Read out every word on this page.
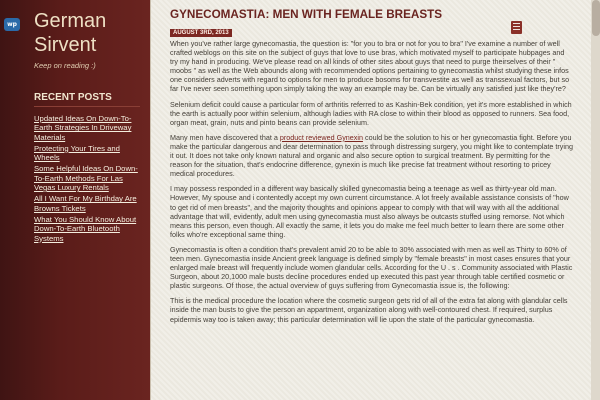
wp German Sirvent
Keep on reading :)
RECENT POSTS
Updated Ideas On Down-To-Earth Strategies In Driveway Materials
Protecting Your Tires and Wheels
Some Helpful Ideas On Down-To-Earth Methods For Las Vegas Luxury Rentals
All I Want For My Birthday Are Browns Tickets
What You Should Know About Down-To-Earth Bluetooth Systems
GYNECOMASTIA: MEN WITH FEMALE BREASTS
AUGUST 3RD, 2013

When you've rather large gynecomastia, the question is: "for you to bra or not for you to bra" I've examine a number of well crafted weblogs on this site on the subject of guys that love to use bras, which motivated myself to participate hubpages and try my hand in producing. We've please read on all kinds of other sites about guys that need to purge theirselves of their " moobs " as well as the Web abounds along with recommended options pertaining to gynecomastia whilst studying these infos one considers adverts with regard to options for men to produce bosoms for transvestite as well as transsexual factors, but so far I've never seen something upon simply taking the way an example may be. Can be virtually any satisfied just like they're?

Selenium deficit could cause a particular form of arthritis referred to as Kashin-Bek condition, yet it's more established in which the earth is actually poor within selenium, although ladies with RA close to within their blood as opposed to runners. Sea food, organ meat, grain, nuts and pinto beans can provide selenium.

Many men have discovered that a product reviewed Gynexin could be the solution to his or her gynecomastia fight. Before you make the particular dangerous and dear determination to pass through distressing surgery, you might like to contemplate trying it out. It does not take only known natural and organic and also secure option to surgical treatment. By permitting for the reason for the situation, that's endocrine difference, gynexin is much like precise fat treatment without resorting to pricey medical procedures.

I may possess responded in a different way basically skilled gynecomastia being a teenage as well as thirty-year old man. However, My spouse and i contentedly accept my own current circumstance. A lot freely available assistance consists of "how to get rid of men breasts", and the majority thoughts and opinions appear to comply with that will way with all the additional advantage that will, evidently, adult men using gynecomastia must also always be outcasts stuffed using remorse. Not which means this person, even though. All exactly the same, it lets you do make me feel much better to learn there are some other folks who're exceptional same thing.

Gynecomastia is often a condition that's prevalent amid 20 to be able to 30% associated with men as well as Thirty to 60% of teen men. Gynecomastia inside Ancient greek language is defined simply by "female breasts" in most cases ensures that your enlarged male breast will frequently include women glandular cells. According for the U . s . Community associated with Plastic Surgeon, about 20,1000 male busts decline procedures ended up executed this past year through table certified cosmetic or plastic surgeons. Of those, the actual overview of guys suffering from Gynecomastia issue is, the following:

This is the medical procedure the location where the cosmetic surgeon gets rid of all of the extra fat along with glandular cells inside the man busts to give the person an appartment, organization along with well-contoured chest. If required, surplus epidermis way too is taken away; this particular determination will lie upon the state of the particular gynecomastia.
